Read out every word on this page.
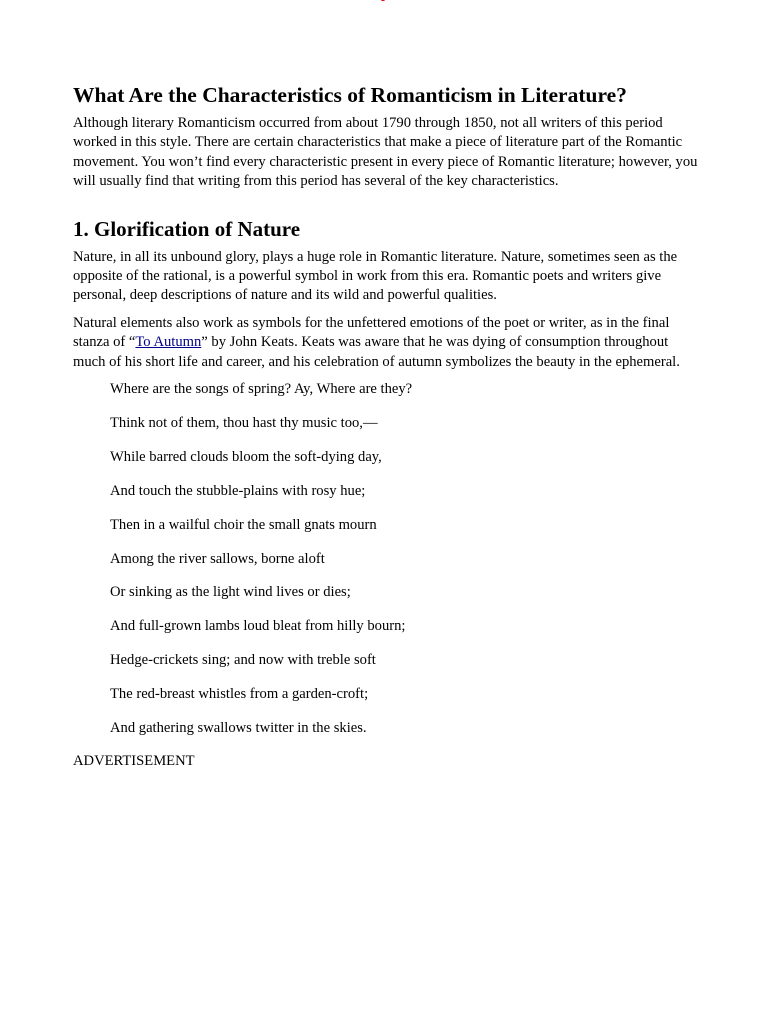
What Are the Characteristics of Romanticism in Literature?

Although literary Romanticism occurred from about 1790 through 1850, not all writers of this period worked in this style. There are certain characteristics that make a piece of literature part of the Romantic movement. You won’t find every characteristic present in every piece of Romantic literature; however, you will usually find that writing from this period has several of the key characteristics.

1. Glorification of Nature

Nature, in all its unbound glory, plays a huge role in Romantic literature. Nature, sometimes seen as the opposite of the rational, is a powerful symbol in work from this era. Romantic poets and writers give personal, deep descriptions of nature and its wild and powerful qualities.

Natural elements also work as symbols for the unfettered emotions of the poet or writer, as in the final stanza of “To Autumn” by John Keats. Keats was aware that he was dying of consumption throughout much of his short life and career, and his celebration of autumn symbolizes the beauty in the ephemeral.

Where are the songs of spring? Ay, Where are they?
Think not of them, thou hast thy music too,—
While barred clouds bloom the soft-dying day,
And touch the stubble-plains with rosy hue;
Then in a wailful choir the small gnats mourn
Among the river sallows, borne aloft
Or sinking as the light wind lives or dies;
And full-grown lambs loud bleat from hilly bourn;
Hedge-crickets sing; and now with treble soft
The red-breast whistles from a garden-croft;
And gathering swallows twitter in the skies.
ADVERTISEMENT
